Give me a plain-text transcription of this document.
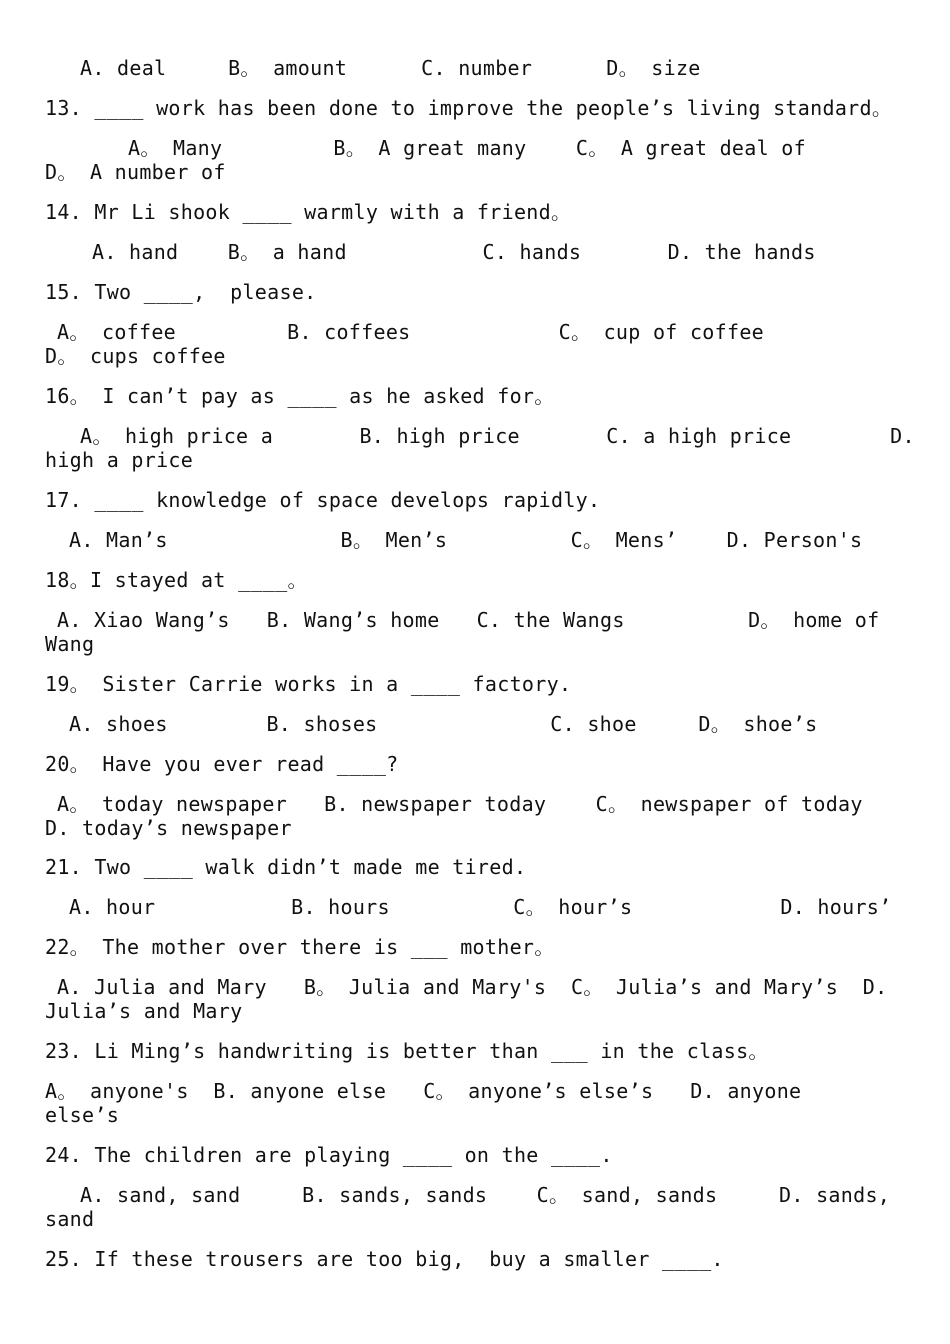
A. deal     B。 amount      C. number      D。 size
13. ____ work has been done to improve the people’s living standard。
A。 Many         B。 A great many    C。 A great deal of
D。 A number of
14. Mr Li shook ____ warmly with a friend。
A. hand    B。 a hand           C. hands       D. the hands
15. Two ____,  please.
A。 coffee         B. coffees            C。 cup of coffee
D。 cups coffee
16。 I can’t pay as ____ as he asked for。
A。 high price a       B. high price       C. a high price        D.
high a price
17. ____ knowledge of space develops rapidly.
A. Man’s              B。 Men’s          C。 Mens’    D. Person's
18。I stayed at ____。
A. Xiao Wang’s   B. Wang’s home   C. the Wangs          D。 home of
Wang
19。 Sister Carrie works in a ____ factory.
A. shoes        B. shoses              C. shoe     D。 shoe’s
20。 Have you ever read ____?
A。 today newspaper   B. newspaper today    C。 newspaper of today
D. today’s newspaper
21. Two ____ walk didn’t made me tired.
A. hour           B. hours          C。 hour’s            D. hours’
22。 The mother over there is ___ mother。
A. Julia and Mary   B。 Julia and Mary's  C。 Julia’s and Mary’s  D.
Julia’s and Mary
23. Li Ming’s handwriting is better than ___ in the class。
A。 anyone's  B. anyone else   C。 anyone’s else’s   D. anyone
else’s
24. The children are playing ____ on the ____.
A. sand, sand     B. sands, sands    C。 sand, sands     D. sands,
sand
25. If these trousers are too big,  buy a smaller ____.
